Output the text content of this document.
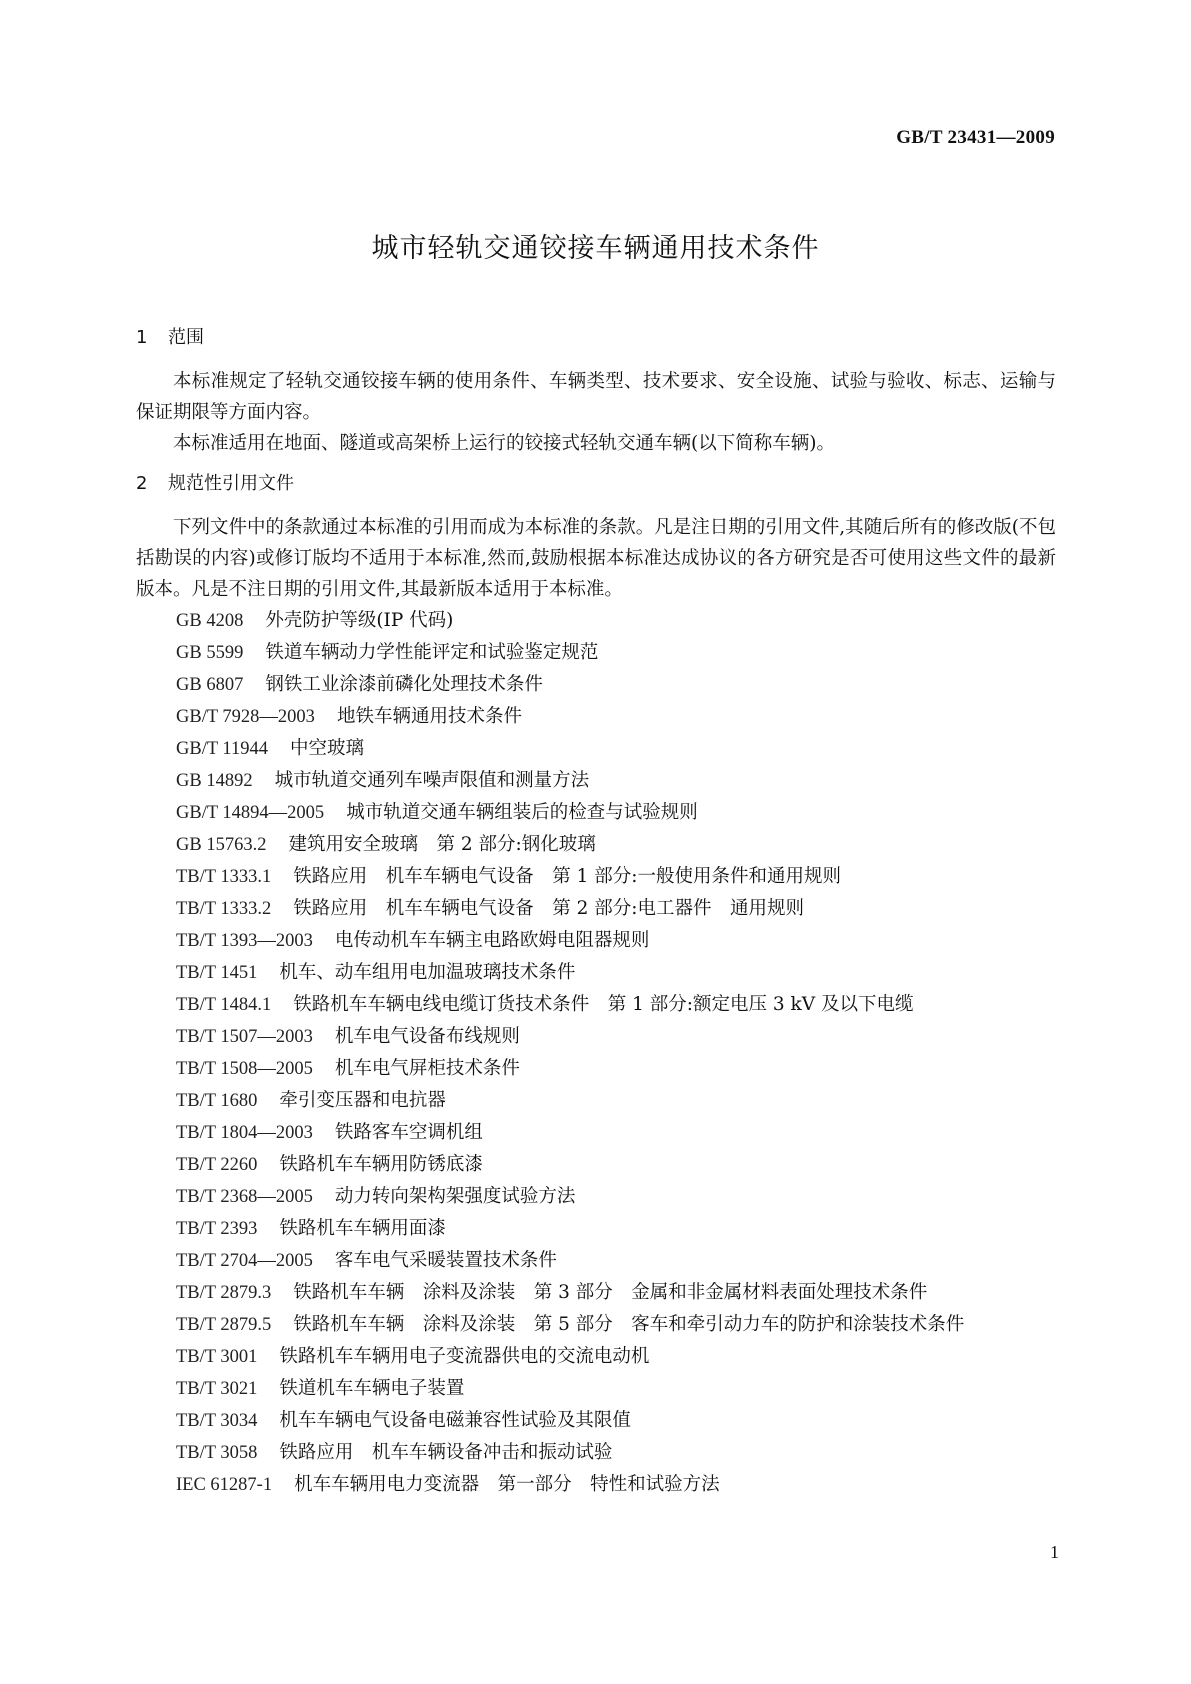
GB/T 23431—2009
城市轻轨交通铰接车辆通用技术条件
1 范围

本标准规定了轻轨交通铰接车辆的使用条件、车辆类型、技术要求、安全设施、试验与验收、标志、运输与保证期限等方面内容。

本标准适用在地面、隧道或高架桥上运行的铰接式轻轨交通车辆(以下简称车辆)。

2 规范性引用文件

下列文件中的条款通过本标准的引用而成为本标准的条款。凡是注日期的引用文件,其随后所有的修改版(不包括勘误的内容)或修订版均不适用于本标准,然而,鼓励根据本标准达成协议的各方研究是否可使用这些文件的最新版本。凡是不注日期的引用文件,其最新版本适用于本标准。

GB 4208 外壳防护等级(IP 代码)
GB 5599 铁道车辆动力学性能评定和试验鉴定规范
GB 6807 钢铁工业涂漆前磷化处理技术条件
GB/T 7928—2003 地铁车辆通用技术条件
GB/T 11944 中空玻璃
GB 14892 城市轨道交通列车噪声限值和测量方法
GB/T 14894—2005 城市轨道交通车辆组装后的检查与试验规则
GB 15763.2 建筑用安全玻璃　第 2 部分:钢化玻璃
TB/T 1333.1 铁路应用　机车车辆电气设备　第 1 部分:一般使用条件和通用规则
TB/T 1333.2 铁路应用　机车车辆电气设备　第 2 部分:电工器件　通用规则
TB/T 1393—2003 电传动机车车辆主电路欧姆电阻器规则
TB/T 1451 机车、动车组用电加温玻璃技术条件
TB/T 1484.1 铁路机车车辆电线电缆订货技术条件　第 1 部分:额定电压 3 kV 及以下电缆
TB/T 1507—2003 机车电气设备布线规则
TB/T 1508—2005 机车电气屏柜技术条件
TB/T 1680 牵引变压器和电抗器
TB/T 1804—2003 铁路客车空调机组
TB/T 2260 铁路机车车辆用防锈底漆
TB/T 2368—2005 动力转向架构架强度试验方法
TB/T 2393 铁路机车车辆用面漆
TB/T 2704—2005 客车电气采暖装置技术条件
TB/T 2879.3 铁路机车车辆　涂料及涂装　第 3 部分　金属和非金属材料表面处理技术条件
TB/T 2879.5 铁路机车车辆　涂料及涂装　第 5 部分　客车和牵引动力车的防护和涂装技术条件
TB/T 3001 铁路机车车辆用电子变流器供电的交流电动机
TB/T 3021 铁道机车车辆电子装置
TB/T 3034 机车车辆电气设备电磁兼容性试验及其限值
TB/T 3058 铁路应用　机车车辆设备冲击和振动试验
IEC 61287-1 机车车辆用电力变流器　第一部分　特性和试验方法
1
